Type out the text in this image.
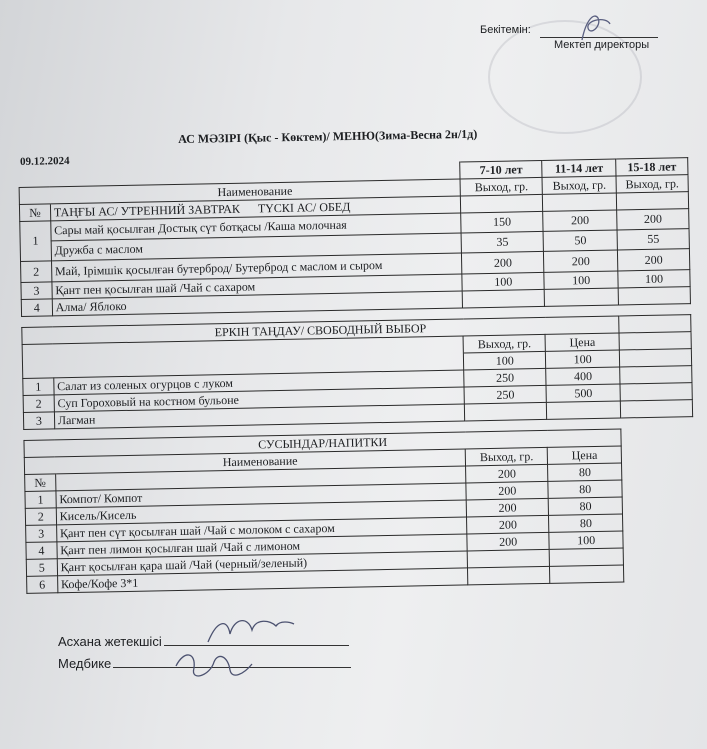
Бекітемін:
Мектеп директоры
АС МӘЗІРІ (Қыс - Көктем)/ МЕНЮ(Зима-Весна 2н/1д)
09.12.2024
		7-10 лет	11-14 лет	15-18 лет
	Наименование	Выход, гр.	Выход, гр.	Выход, гр.
№	ТАҢҒЫ АС/ УТРЕННИЙ ЗАВТРАК ТҮСКІ АС/ ОБЕД			
1	Сары май қосылған Достық сүт ботқасы /Каша молочная	150	200	200
	Дружба с маслом	35	50	55
2	Май, Ірімшік қосылған бутерброд/ Бутерброд с маслом и сыром	200	200	200
3	Қант пен қосылған шай /Чай с сахаром	100	100	100
4	Алма/ Яблоко			
ЕРКІН ТАҢДАУ/ СВОБОДНЫЙ ВЫБОР				
		Выход, гр.	Цена	
		100	100	
1	Салат из соленых огурцов с луком	250	400	
2	Суп Гороховый на костном бульоне	250	500	
3	Лагман			
СУСЫНДАР/НАПИТКИ				
	Наименование	Выход, гр.	Цена	
№		200	80	
1	Компот/ Компот	200	80	
2	Кисель/Кисель	200	80	
3	Қант пен сүт қосылған шай /Чай с молоком с сахаром	200	80	
4	Қант пен лимон қосылған шай /Чай с лимоном	200	100	
5	Қант қосылған қара шай /Чай (черный/зеленый)			
6	Кофе/Кофе 3*1			
Асхана жетекшісі
Медбике
